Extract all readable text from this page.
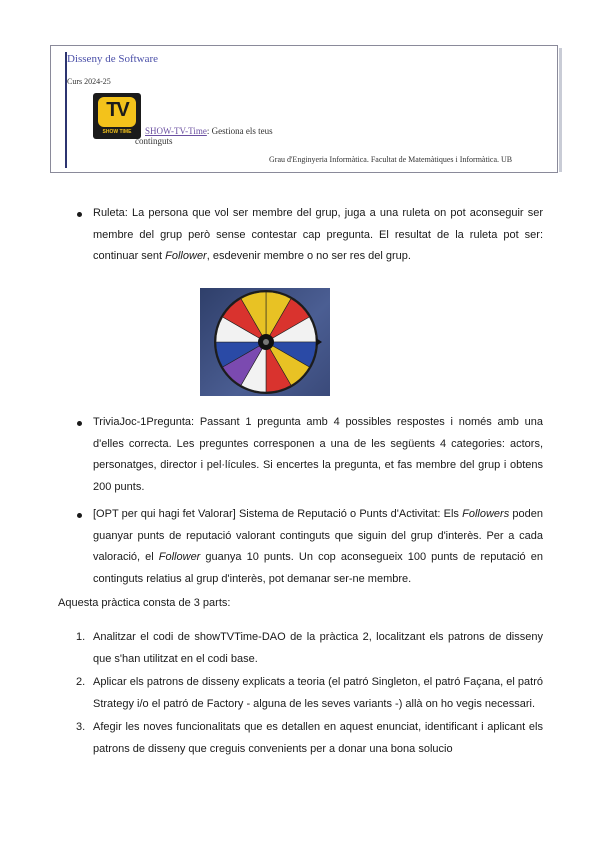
Disseny de Software
Curs 2024-25
TV
SHOW TIME	SHOW-TV-Time: Gestiona els teus
continguts
Grau d'Enginyeria Informàtica. Facultat de Matemàtiques i Informàtica. UB
Ruleta: La persona que vol ser membre del grup, juga a una ruleta on pot aconseguir ser membre del grup però sense contestar cap pregunta. El resultat de la ruleta pot ser: continuar sent Follower, esdevenir membre o no ser res del grup.
TriviaJoc-1Pregunta: Passant 1 pregunta amb 4 possibles respostes i només amb una d'elles correcta. Les preguntes corresponen a una de les següents 4 categories: actors, personatges, director i pel·lícules. Si encertes la pregunta, et fas membre del grup i obtens 200 punts.
[OPT per qui hagi fet Valorar] Sistema de Reputació o Punts d'Activitat: Els Followers poden guanyar punts de reputació valorant continguts que siguin del grup d'interès. Per a cada valoració, el Follower guanya 10 punts. Un cop aconsegueix 100 punts de reputació en continguts relatius al grup d'interès, pot demanar ser-ne membre.
Aquesta pràctica consta de 3 parts:
1. Analitzar el codi de showTVTime-DAO de la pràctica 2, localitzant els patrons de disseny que s'han utilitzat en el codi base.
2. Aplicar els patrons de disseny explicats a teoria (el patró Singleton, el patró Façana, el patró Strategy i/o el patró de Factory - alguna de les seves variants -) allà on ho vegis necessari.
3. Afegir les noves funcionalitats que es detallen en aquest enunciat, identificant i aplicant els patrons de disseny que creguis convenients per a donar una bona solucio
